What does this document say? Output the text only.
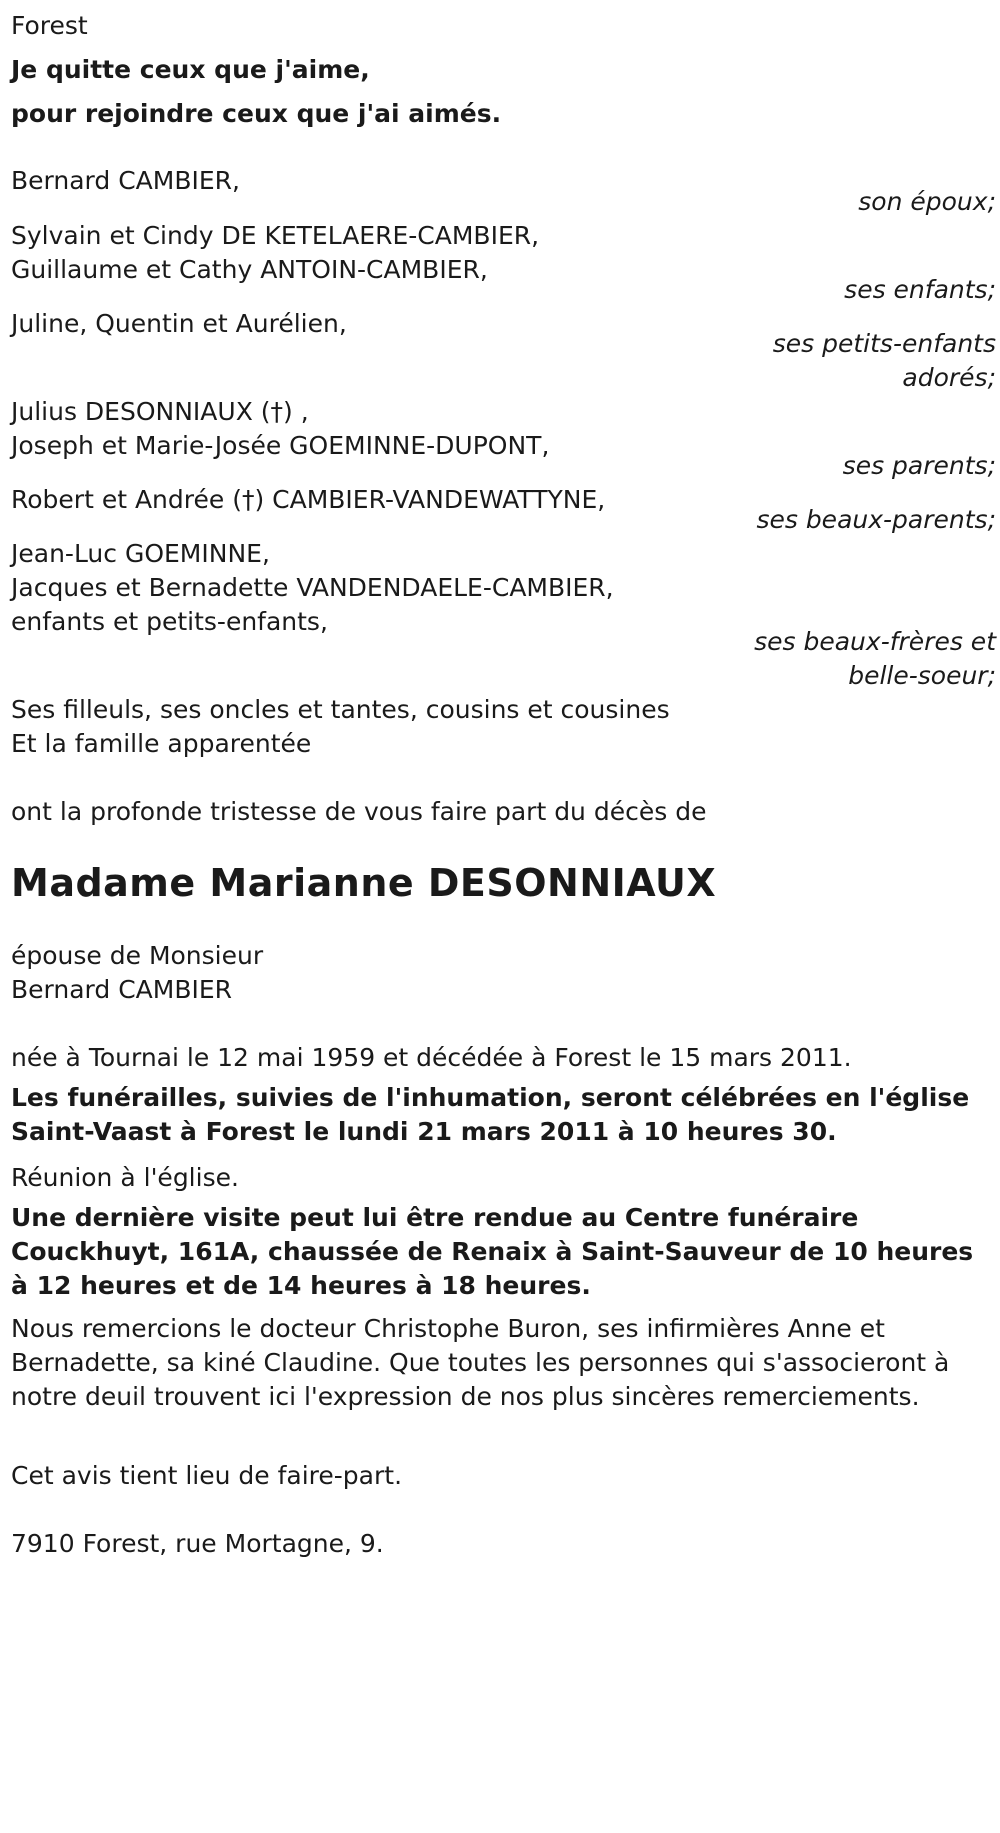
Forest
Je quitte ceux que j'aime,
pour rejoindre ceux que j'ai aimés.
Bernard CAMBIER,
son époux;
Sylvain et Cindy DE KETELAERE-CAMBIER,
Guillaume et Cathy ANTOIN-CAMBIER,
ses enfants;
Juline, Quentin et Aurélien,
ses petits-enfants
adorés;
Julius DESONNIAUX (†) ,
Joseph et Marie-Josée GOEMINNE-DUPONT,
ses parents;
Robert et Andrée (†) CAMBIER-VANDEWATTYNE,
ses beaux-parents;
Jean-Luc GOEMINNE,
Jacques et Bernadette VANDENDAELE-CAMBIER,
enfants et petits-enfants,
ses beaux-frères et
belle-soeur;
Ses filleuls, ses oncles et tantes, cousins et cousines
Et la famille apparentée
ont la profonde tristesse de vous faire part du décès de
Madame Marianne DESONNIAUX
épouse de Monsieur
Bernard CAMBIER
née à Tournai le 12 mai 1959 et décédée à Forest le 15 mars 2011.

Les funérailles, suivies de l'inhumation, seront célébrées en l'église Saint-Vaast à Forest le lundi 21 mars 2011 à 10 heures 30.

Réunion à l'église.

Une dernière visite peut lui être rendue au Centre funéraire Couckhuyt, 161A, chaussée de Renaix à Saint-Sauveur de 10 heures à 12 heures et de 14 heures à 18 heures.

Nous remercions le docteur Christophe Buron, ses infirmières Anne et Bernadette, sa kiné Claudine. Que toutes les personnes qui s'associeront à notre deuil trouvent ici l'expression de nos plus sincères remerciements.

Cet avis tient lieu de faire-part.
7910 Forest, rue Mortagne, 9.
